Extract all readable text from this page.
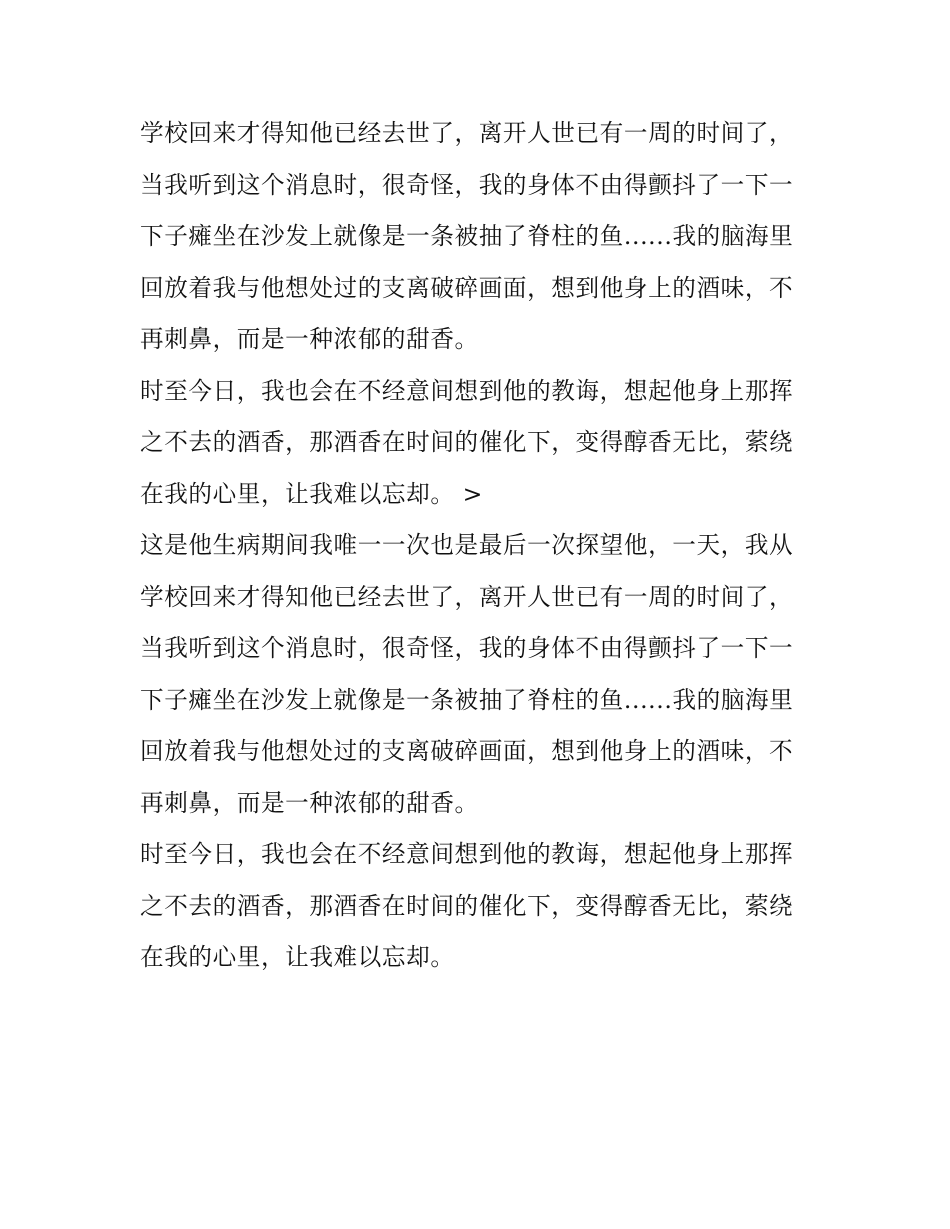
学校回来才得知他已经去世了，离开人世已有一周的时间了，
当我听到这个消息时，很奇怪，我的身体不由得颤抖了一下一
下子瘫坐在沙发上就像是一条被抽了脊柱的鱼......我的脑海里
回放着我与他想处过的支离破碎画面，想到他身上的酒味，不
再刺鼻，而是一种浓郁的甜香。
时至今日，我也会在不经意间想到他的教诲，想起他身上那挥
之不去的酒香，那酒香在时间的催化下，变得醇香无比，萦绕
在我的心里，让我难以忘却。 >
这是他生病期间我唯一一次也是最后一次探望他，一天，我从
学校回来才得知他已经去世了，离开人世已有一周的时间了，
当我听到这个消息时，很奇怪，我的身体不由得颤抖了一下一
下子瘫坐在沙发上就像是一条被抽了脊柱的鱼......我的脑海里
回放着我与他想处过的支离破碎画面，想到他身上的酒味，不
再刺鼻，而是一种浓郁的甜香。
时至今日，我也会在不经意间想到他的教诲，想起他身上那挥
之不去的酒香，那酒香在时间的催化下，变得醇香无比，萦绕
在我的心里，让我难以忘却。
